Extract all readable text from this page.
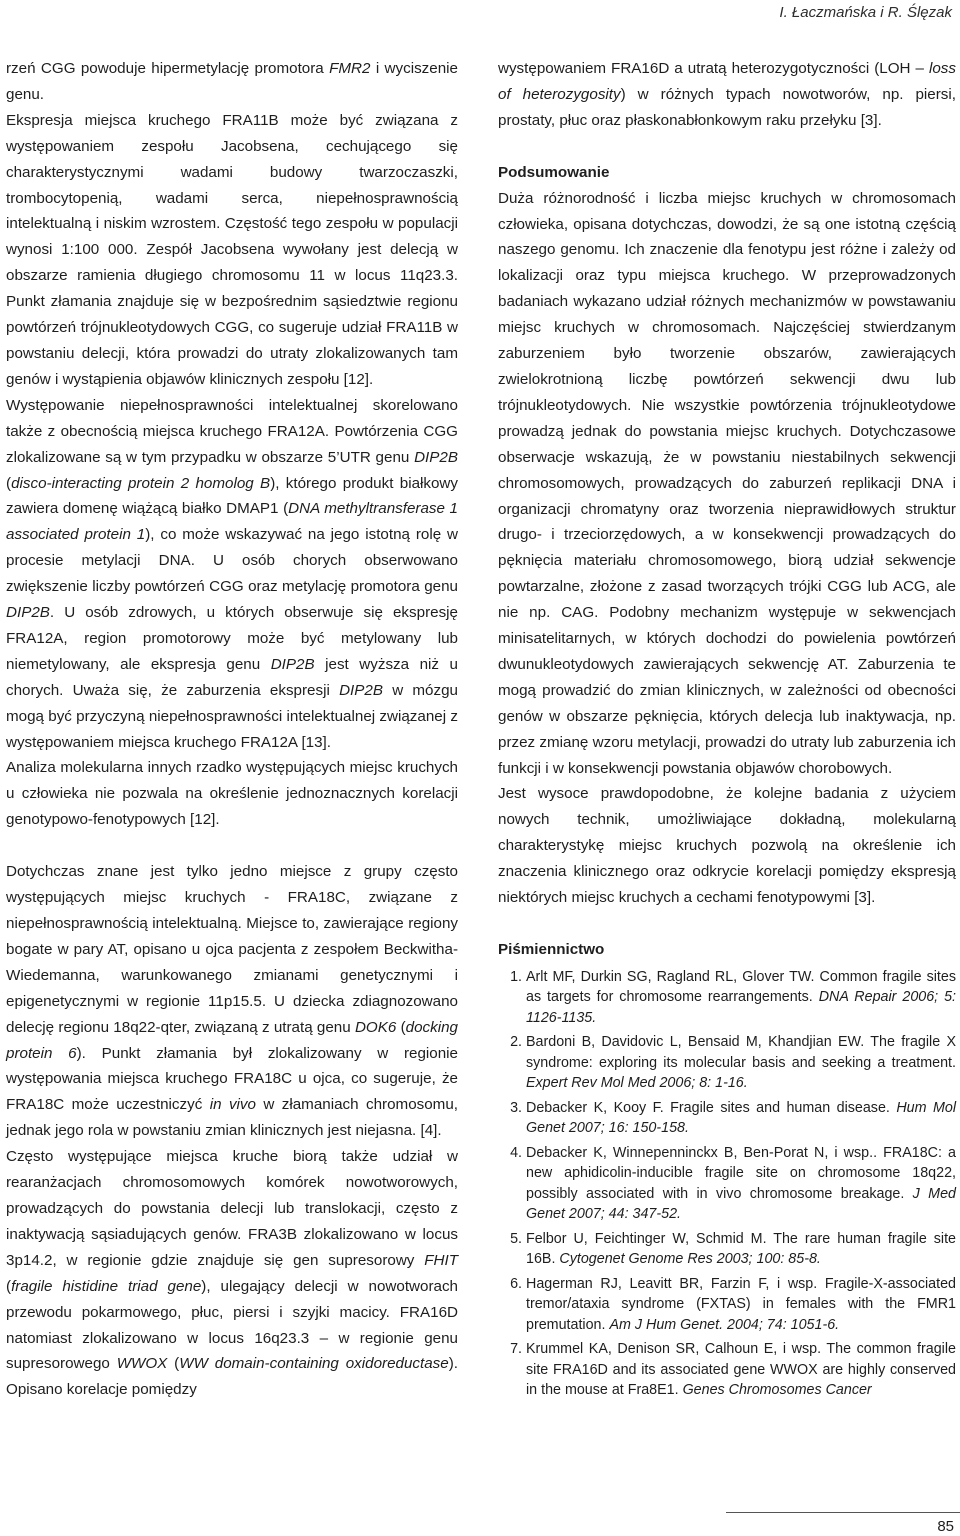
I. Łaczmańska i R. Ślęzak

rzeń CGG powoduje hipermetylację promotora FMR2 i wyciszenie genu.

Ekspresja miejsca kruchego FRA11B może być związana z występowaniem zespołu Jacobsena, cechującego się charakterystycznymi wadami budowy twarzoczaszki, trombocytopenią, wadami serca, niepełnosprawnością intelektualną i niskim wzrostem. Częstość tego zespołu w populacji wynosi 1:100 000. Zespół Jacobsena wywołany jest delecją w obszarze ramienia długiego chromosomu 11 w locus 11q23.3. Punkt złamania znajduje się w bezpośrednim sąsiedztwie regionu powtórzeń trójnukleotydowych CGG, co sugeruje udział FRA11B w powstaniu delecji, która prowadzi do utraty zlokalizowanych tam genów i wystąpienia objawów klinicznych zespołu [12].

Występowanie niepełnosprawności intelektualnej skorelowano także z obecnością miejsca kruchego FRA12A. Powtórzenia CGG zlokalizowane są w tym przypadku w obszarze 5’UTR genu DIP2B (disco-interacting protein 2 homolog B), którego produkt białkowy zawiera domenę wiążącą białko DMAP1 (DNA methyltransferase 1 associated protein 1), co może wskazywać na jego istotną rolę w procesie metylacji DNA. U osób chorych obserwowano zwiększenie liczby powtórzeń CGG oraz metylację promotora genu DIP2B. U osób zdrowych, u których obserwuje się ekspresję FRA12A, region promotorowy może być metylowany lub niemetylowany, ale ekspresja genu DIP2B jest wyższa niż u chorych. Uważa się, że zaburzenia ekspresji DIP2B w mózgu mogą być przyczyną niepełnosprawności intelektualnej związanej z występowaniem miejsca kruchego FRA12A [13].

Analiza molekularna innych rzadko występujących miejsc kruchych u człowieka nie pozwala na określenie jednoznacznych korelacji genotypowo-fenotypowych [12].

Dotychczas znane jest tylko jedno miejsce z grupy często występujących miejsc kruchych - FRA18C, związane z niepełnosprawnością intelektualną. Miejsce to, zawierające regiony bogate w pary AT, opisano u ojca pacjenta z zespołem Beckwitha-Wiedemanna, warunkowanego zmianami genetycznymi i epigenetycznymi w regionie 11p15.5. U dziecka zdiagnozowano delecję regionu 18q22-qter, związaną z utratą genu DOK6 (docking protein 6). Punkt złamania był zlokalizowany w regionie występowania miejsca kruchego FRA18C u ojca, co sugeruje, że FRA18C może uczestniczyć in vivo w złamaniach chromosomu, jednak jego rola w powstaniu zmian klinicznych jest niejasna. [4].

Często występujące miejsca kruche biorą także udział w rearanżacjach chromosomowych komórek nowotworowych, prowadzących do powstania delecji lub translokacji, często z inaktywacją sąsiadujących genów. FRA3B zlokalizowano w locus 3p14.2, w regionie gdzie znajduje się gen supresorowy FHIT (fragile histidine triad gene), ulegający delecji w nowotworach przewodu pokarmowego, płuc, piersi i szyjki macicy. FRA16D natomiast zlokalizowano w locus 16q23.3 – w regionie genu supresorowego WWOX (WW domain-containing oxidoreductase). Opisano korelacje pomiędzy

występowaniem FRA16D a utratą heterozygotyczności (LOH – loss of heterozygosity) w różnych typach nowotworów, np. piersi, prostaty, płuc oraz płaskonabłonkowym raku przełyku [3].

Podsumowanie

Duża różnorodność i liczba miejsc kruchych w chromosomach człowieka, opisana dotychczas, dowodzi, że są one istotną częścią naszego genomu. Ich znaczenie dla fenotypu jest różne i zależy od lokalizacji oraz typu miejsca kruchego. W przeprowadzonych badaniach wykazano udział różnych mechanizmów w powstawaniu miejsc kruchych w chromosomach. Najczęściej stwierdzanym zaburzeniem było tworzenie obszarów, zawierających zwielokrotnioną liczbę powtórzeń sekwencji dwu lub trójnukleotydowych. Nie wszystkie powtórzenia trójnukleotydowe prowadzą jednak do powstania miejsc kruchych. Dotychczasowe obserwacje wskazują, że w powstaniu niestabilnych sekwencji chromosomowych, prowadzących do zaburzeń replikacji DNA i organizacji chromatyny oraz tworzenia nieprawidłowych struktur drugo- i trzeciorzędowych, a w konsekwencji prowadzących do pęknięcia materiału chromosomowego, biorą udział sekwencje powtarzalne, złożone z zasad tworzących trójki CGG lub ACG, ale nie np. CAG. Podobny mechanizm występuje w sekwencjach minisatelitarnych, w których dochodzi do powielenia powtórzeń dwunukleotydowych zawierających sekwencję AT. Zaburzenia te mogą prowadzić do zmian klinicznych, w zależności od obecności genów w obszarze pęknięcia, których delecja lub inaktywacja, np. przez zmianę wzoru metylacji, prowadzi do utraty lub zaburzenia ich funkcji i w konsekwencji powstania objawów chorobowych.

Jest wysoce prawdopodobne, że kolejne badania z użyciem nowych technik, umożliwiające dokładną, molekularną charakterystykę miejsc kruchych pozwolą na określenie ich znaczenia klinicznego oraz odkrycie korelacji pomiędzy ekspresją niektórych miejsc kruchych a cechami fenotypowymi [3].

Piśmiennictwo

1. Arlt MF, Durkin SG, Ragland RL, Glover TW. Common fragile sites as targets for chromosome rearrangements. DNA Repair 2006; 5: 1126-1135.
2. Bardoni B, Davidovic L, Bensaid M, Khandjian EW. The fragile X syndrome: exploring its molecular basis and seeking a treatment. Expert Rev Mol Med 2006; 8: 1-16.
3. Debacker K, Kooy F. Fragile sites and human disease. Hum Mol Genet 2007; 16: 150-158.
4. Debacker K, Winnepenninckx B, Ben-Porat N, i wsp.. FRA18C: a new aphidicolin-inducible fragile site on chromosome 18q22, possibly associated with in vivo chromosome breakage. J Med Genet 2007; 44: 347-52.
5. Felbor U, Feichtinger W, Schmid M. The rare human fragile site 16B. Cytogenet Genome Res 2003; 100: 85-8.
6. Hagerman RJ, Leavitt BR, Farzin F, i wsp. Fragile-X-associated tremor/ataxia syndrome (FXTAS) in females with the FMR1 premutation. Am J Hum Genet. 2004; 74: 1051-6.
7. Krummel KA, Denison SR, Calhoun E, i wsp. The common fragile site FRA16D and its associated gene WWOX are highly conserved in the mouse at Fra8E1. Genes Chromosomes Cancer
85
